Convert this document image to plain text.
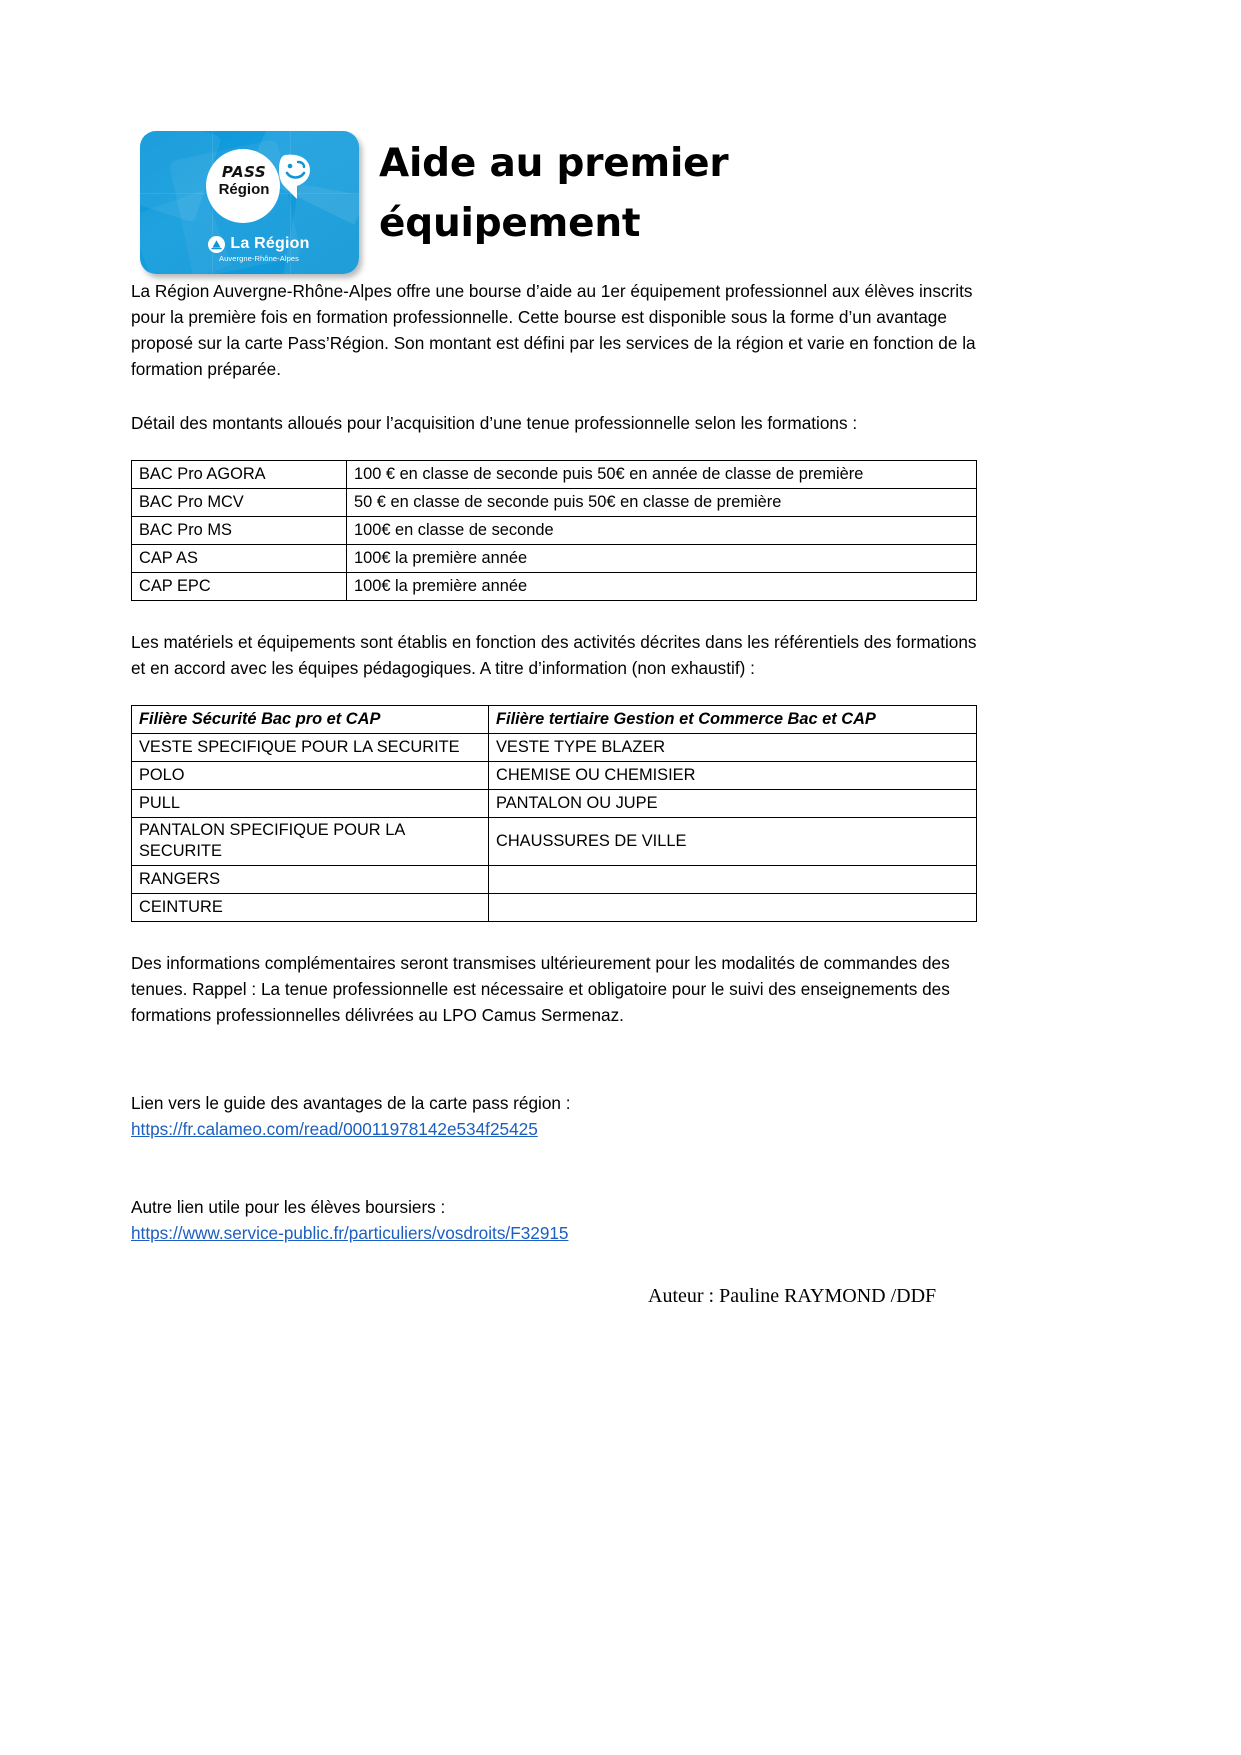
PASS
Région
La Région
Auvergne-Rhône-Alpes
Aide au premier
équipement

La Région Auvergne-Rhône-Alpes offre une bourse d’aide au 1er équipement professionnel aux élèves inscrits pour la première fois en formation professionnelle. Cette bourse est disponible sous la forme d’un avantage proposé sur la carte Pass’Région. Son montant est défini par les services de la région et varie en fonction de la formation préparée.

Détail des montants alloués pour l’acquisition d’une tenue professionnelle selon les formations :

BAC Pro AGORA	100 € en classe de seconde puis 50€ en année de classe de première
BAC Pro MCV	50 € en classe de seconde puis 50€ en classe de première
BAC Pro MS	100€ en classe de seconde
CAP AS	100€ la première année
CAP EPC	100€ la première année

Les matériels et équipements sont établis en fonction des activités décrites dans les référentiels des formations et en accord avec les équipes pédagogiques. A titre d’information (non exhaustif) :

Filière Sécurité Bac pro et CAP	Filière tertiaire Gestion et Commerce Bac et CAP
VESTE SPECIFIQUE POUR LA SECURITE	VESTE TYPE BLAZER
POLO	CHEMISE OU CHEMISIER
PULL	PANTALON OU JUPE
PANTALON SPECIFIQUE POUR LA SECURITE	CHAUSSURES DE VILLE
RANGERS	
CEINTURE	

Des informations complémentaires seront transmises ultérieurement pour les modalités de commandes des tenues. Rappel : La tenue professionnelle est nécessaire et obligatoire pour le suivi des enseignements des formations professionnelles délivrées au LPO Camus Sermenaz.

Lien vers le guide des avantages de la carte pass région :

https://fr.calameo.com/read/00011978142e534f25425

Autre lien utile pour les élèves boursiers :

https://www.service-public.fr/particuliers/vosdroits/F32915
Auteur : Pauline RAYMOND /DDF
